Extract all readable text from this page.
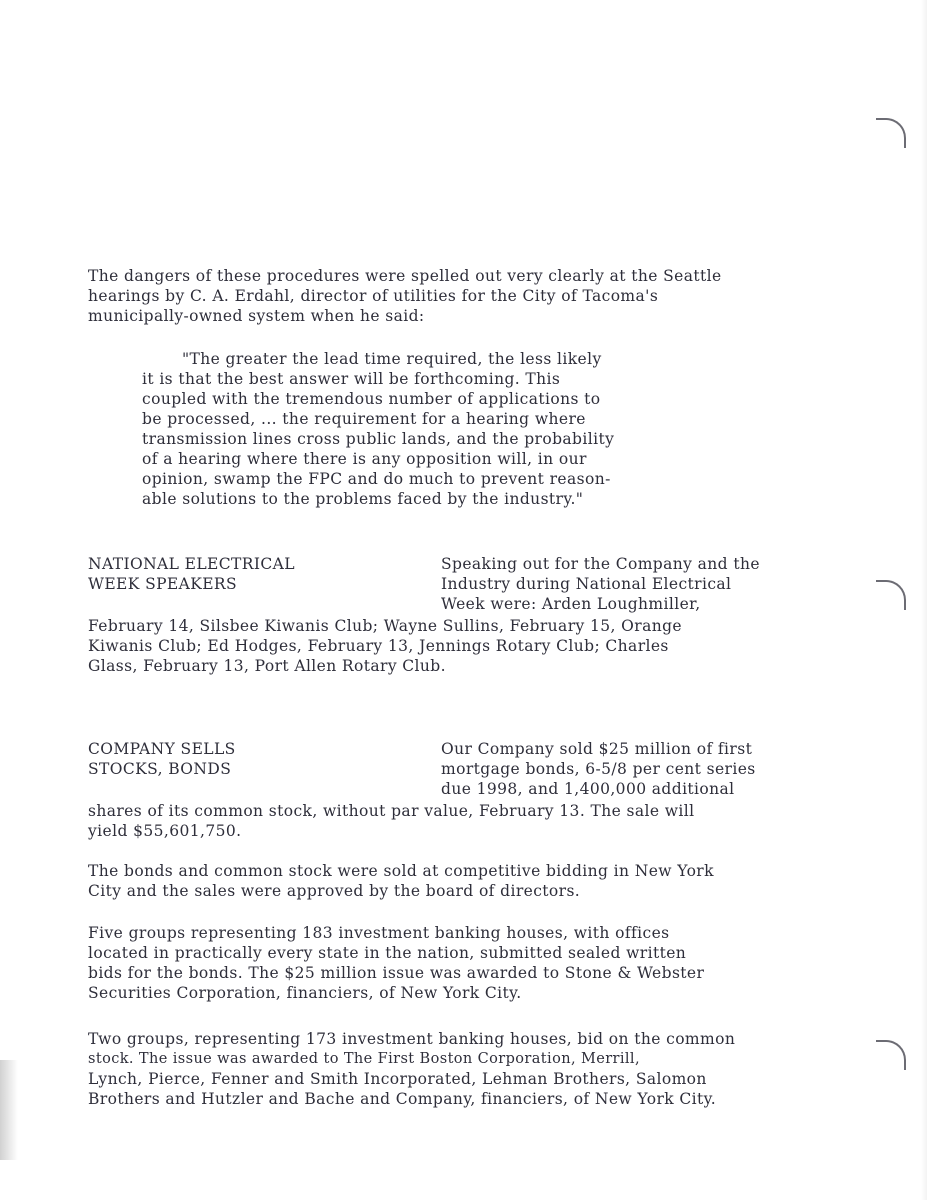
The dangers of these procedures were spelled out very clearly at the Seattle
hearings by C. A. Erdahl, director of utilities for the City of Tacoma's
municipally-owned system when he said:
"The greater the lead time required, the less likely
it is that the best answer will be forthcoming. This
coupled with the tremendous number of applications to
be processed, ... the requirement for a hearing where
transmission lines cross public lands, and the probability
of a hearing where there is any opposition will, in our
opinion, swamp the FPC and do much to prevent reason-
able solutions to the problems faced by the industry."
NATIONAL ELECTRICAL
WEEK SPEAKERS
Speaking out for the Company and the
Industry during National Electrical
Week were: Arden Loughmiller,
February 14, Silsbee Kiwanis Club; Wayne Sullins, February 15, Orange
Kiwanis Club; Ed Hodges, February 13, Jennings Rotary Club; Charles
Glass, February 13, Port Allen Rotary Club.
COMPANY SELLS
STOCKS, BONDS
Our Company sold $25 million of first
mortgage bonds, 6-5/8 per cent series
due 1998, and 1,400,000 additional
shares of its common stock, without par value, February 13. The sale will
yield $55,601,750.
The bonds and common stock were sold at competitive bidding in New York
City and the sales were approved by the board of directors.
Five groups representing 183 investment banking houses, with offices
located in practically every state in the nation, submitted sealed written
bids for the bonds. The $25 million issue was awarded to Stone & Webster
Securities Corporation, financiers, of New York City.
Two groups, representing 173 investment banking houses, bid on the common
stock. The issue was awarded to The First Boston Corporation, Merrill,
Lynch, Pierce, Fenner and Smith Incorporated, Lehman Brothers, Salomon
Brothers and Hutzler and Bache and Company, financiers, of New York City.
